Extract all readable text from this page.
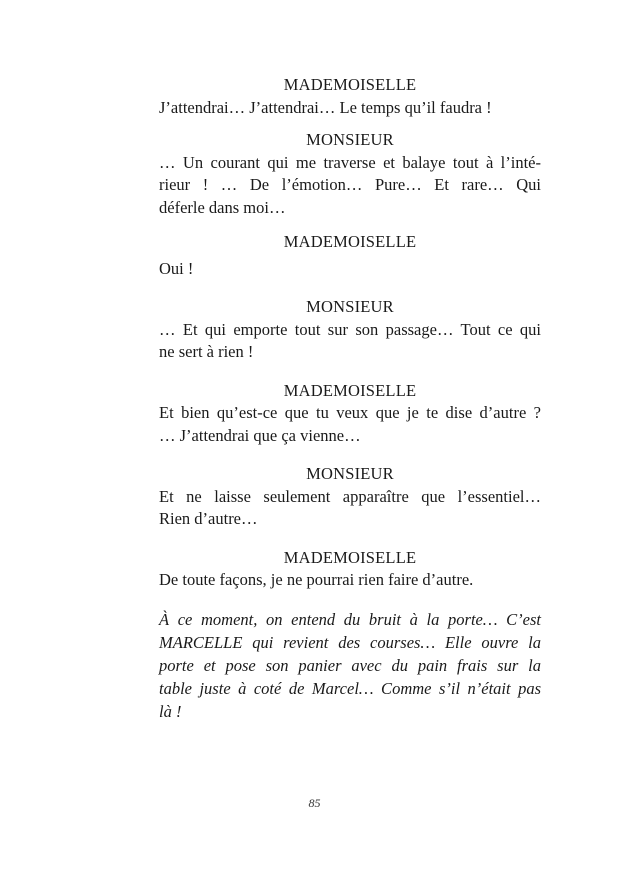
MADEMOISELLE

J’attendrai… J’attendrai… Le temps qu’il faudra !

MONSIEUR

… Un courant qui me traverse et balaye tout à l’inté-

rieur ! … De l’émotion… Pure… Et rare… Qui

déferle dans moi…

MADEMOISELLE

Oui !

MONSIEUR

… Et qui emporte tout sur son passage… Tout ce qui

ne sert à rien !

MADEMOISELLE

Et bien qu’est-ce que tu veux que je te dise d’autre ?

… J’attendrai que ça vienne…

MONSIEUR

Et ne laisse seulement apparaître que l’essentiel…

Rien d’autre…

MADEMOISELLE

De toute façons, je ne pourrai rien faire d’autre.

À ce moment, on entend du bruit à la porte… C’est

MARCELLE qui revient des courses… Elle ouvre la

porte et pose son panier avec du pain frais sur la

table juste à coté de Marcel… Comme s’il n’était pas

là !

85
